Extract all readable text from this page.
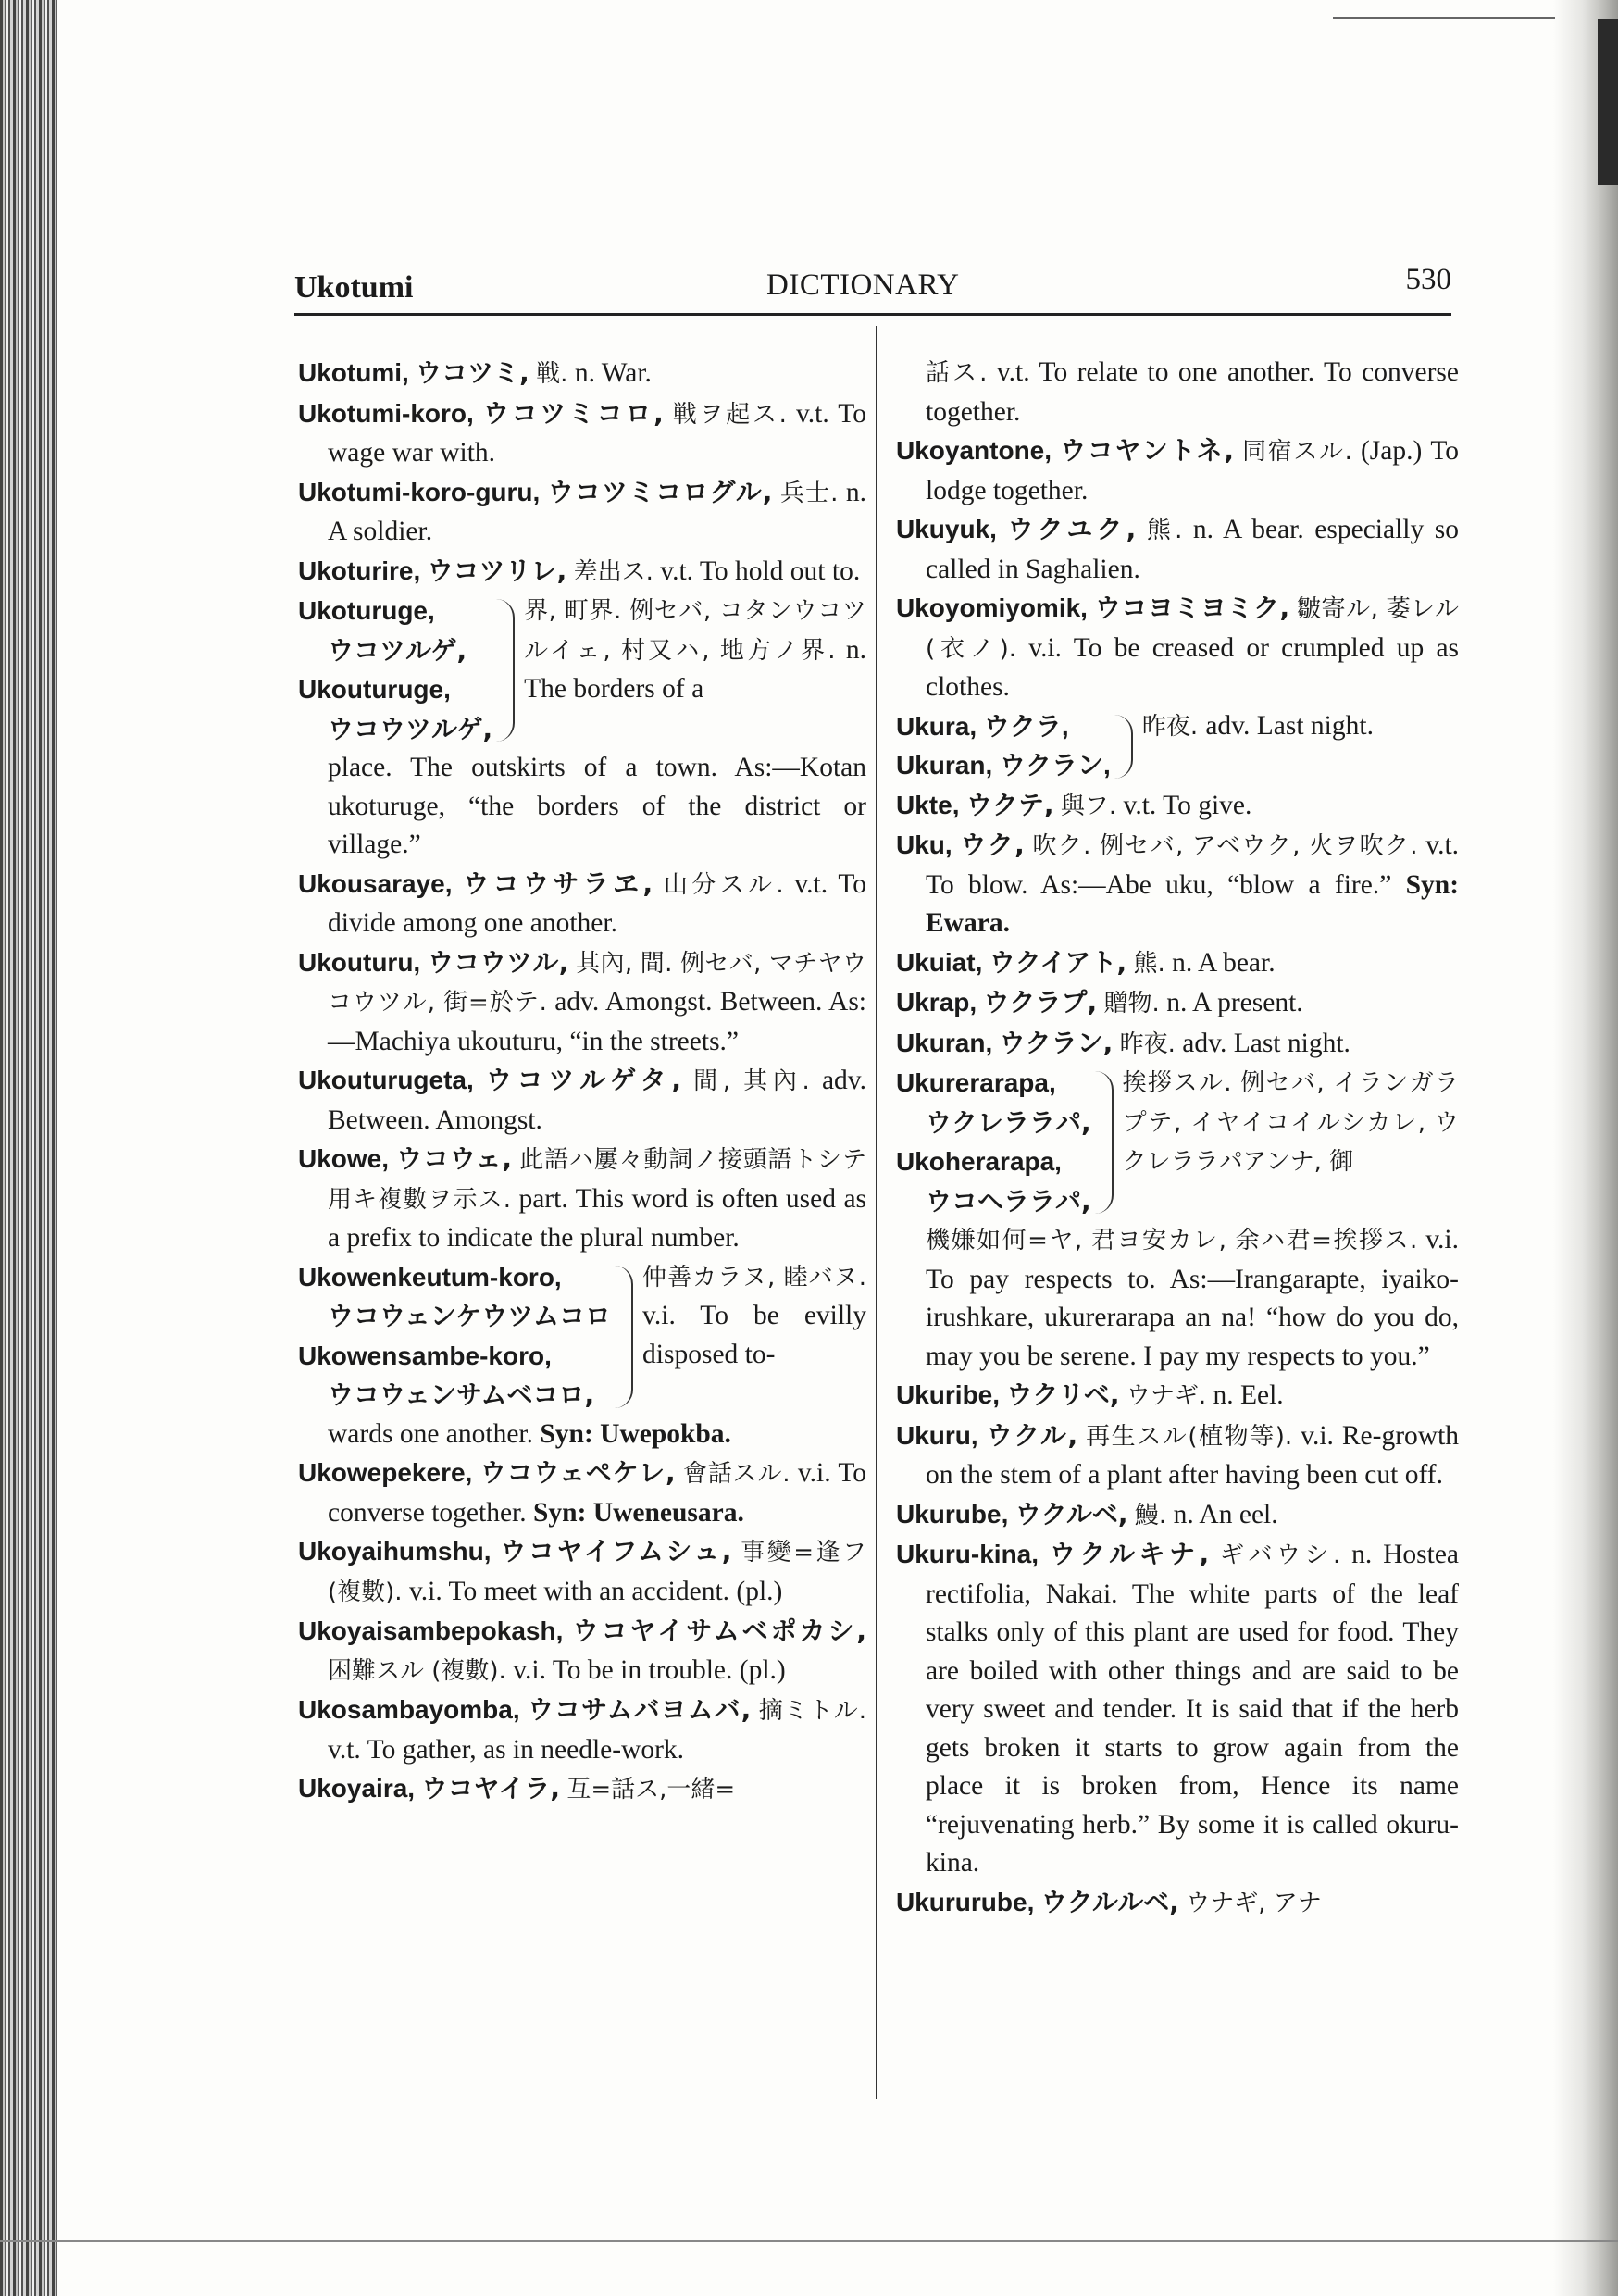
Ukotumi	DICTIONARY	530

Ukotumi, ウコツミ, 戦. n. War.

Ukotumi-koro, ウコツミコロ, 戦ヲ起ス. v.t. To wage war with.

Ukotumi-koro-guru, ウコツミコログル, 兵士. n. A soldier.

Ukoturire, ウコツリレ, 差出ス. v.t. To hold out to.

Ukoturuge,
ウコツルゲ,
Ukouturuge,
ウコウツルゲ,
界, 町界. 例セバ, コタンウコツルイェ, 村又ハ, 地方ノ界. n. The borders of a

place. The outskirts of a town. As:—Kotan ukoturuge, “the borders of the district or village.”

Ukousaraye, ウコウサラヱ, 山分スル. v.t. To divide among one another.

Ukouturu, ウコウツル, 其內, 間. 例セバ, マチヤウコウツル, 街=於テ. adv. Amongst. Between. As:—Machiya ukouturu, “in the streets.”

Ukouturugeta, ウコツルゲタ, 間, 其內. adv. Between. Amongst.

Ukowe, ウコウェ, 此語ハ屢々動詞ノ接頭語トシテ用キ複數ヲ示ス. part. This word is often used as a prefix to indicate the plural number.

Ukowenkeutum-koro,
ウコウェンケウツムコロ
Ukowensambe-koro,
ウコウェンサムベコロ,
仲善カラヌ, 睦バヌ. v.i. To be evilly disposed to-

wards one another. Syn: Uwepokba.

Ukowepekere, ウコウェペケレ, 會話スル. v.i. To converse together. Syn: Uweneusara.

Ukoyaihumshu, ウコヤイフムシュ, 事變=逢フ (複數). v.i. To meet with an accident. (pl.)

Ukoyaisambepokash, ウコヤイサムベポカシ, 困難スル (複數). v.i. To be in trouble. (pl.)

Ukosambayomba, ウコサムバヨムバ, 摘ミトル. v.t. To gather, as in needle-work.

Ukoyaira, ウコヤイラ, 互=話ス,一緒=

話ス. v.t. To relate to one another. To converse together.

Ukoyantone, ウコヤントネ, 同宿スル. (Jap.) To lodge together.

Ukuyuk, ウクユク, 熊. n. A bear. especially so called in Saghalien.

Ukoyomiyomik, ウコヨミヨミク, 皺寄ル, 萎レル(衣ノ). v.i. To be creased or crumpled up as clothes.

Ukura, ウクラ,
Ukuran, ウクラン,
昨夜. adv. Last night.

Ukte, ウクテ, 與フ. v.t. To give.

Uku, ウク, 吹ク. 例セバ, アベウク, 火ヲ吹ク. v.t. To blow. As:—Abe uku, “blow a fire.” Syn: Ewara.

Ukuiat, ウクイアト, 熊. n. A bear.

Ukrap, ウクラプ, 贈物. n. A present.

Ukuran, ウクラン, 昨夜. adv. Last night.

Ukurerarapa,
ウクレララパ,
Ukoherarapa,
ウコヘララパ,
挨拶スル. 例セバ, イランガラプテ, イヤイコイルシカレ, ウクレララパアンナ, 御

機嫌如何=ヤ, 君ヨ安カレ, 余ハ君=挨拶ス. v.i. To pay respects to. As:—Irangarapte, iyaiko-irushkare, ukurerarapa an na! “how do you do, may you be serene. I pay my respects to you.”

Ukuribe, ウクリベ, ウナギ. n. Eel.

Ukuru, ウクル, 再生スル(植物等). v.i. Re-growth on the stem of a plant after having been cut off.

Ukurube, ウクルベ, 鰻. n. An eel.

Ukuru-kina, ウクルキナ, ギバウシ. n. Hostea rectifolia, Nakai. The white parts of the leaf stalks only of this plant are used for food. They are boiled with other things and are said to be very sweet and tender. It is said that if the herb gets broken it starts to grow again from the place it is broken from, Hence its name “rejuvenating herb.” By some it is called okuru-kina.

Ukururube, ウクルルベ, ウナギ, アナ
